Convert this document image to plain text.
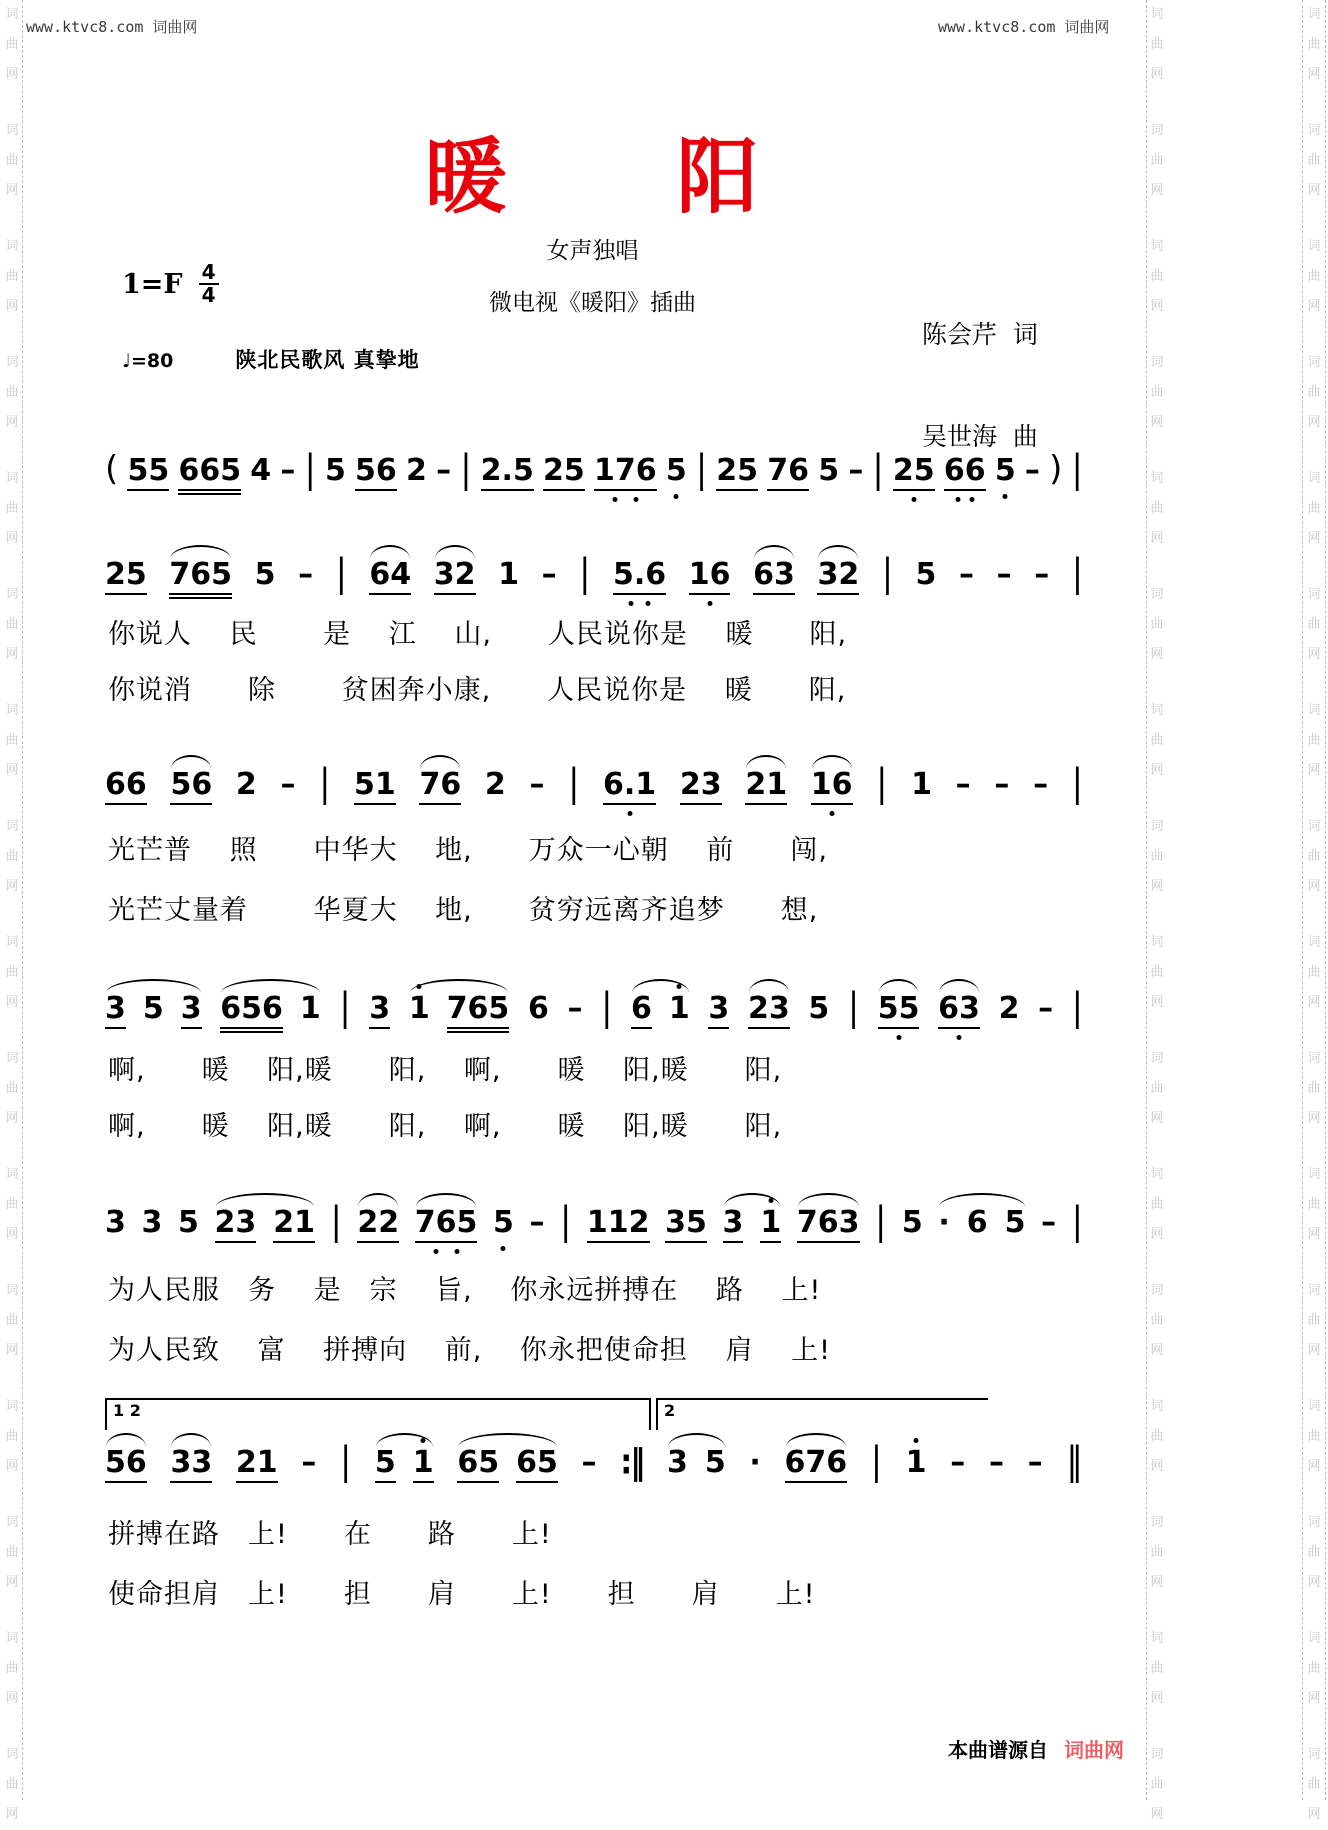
词
曲
网
词
曲
网
词
曲
网
词
曲
网
词
曲
网
词
曲
网
词
曲
网
词
曲
网
词
曲
网
词
曲
网
词
曲
网
词
曲
网
词
曲
网
词
曲
网
词
曲
网
词
曲
网
词
曲
网
词
曲
网
词
曲
网
词
曲
网
词
曲
网
词
曲
网
词
曲
网
词
曲
网
词
曲
网
词
曲
网
词
曲
网
词
曲
网
词
曲
网
词
曲
网
词
曲
网
词
曲
网
词
曲
网
词
曲
网
词
曲
网
词
曲
网
词
曲
网
词
曲
网
词
曲
网
词
曲
网
词
曲
网
词
曲
网
词
曲
网
词
曲
网
词
曲
网
词
曲
网
词
曲
网
词
曲
网
www.ktvc8.com 词曲网	www.ktvc8.com 词曲网
暖　　阳
女声独唱
微电视《暖阳》插曲
$1=F \frac{4}{4}$

陈会芹  词

吴世海  曲

♩=80	陕北民歌风 真挚地
( 55 665 4 – | 5 56 2 – | 2.5 25 176 5 | 25 76 5 – | 25 66 5 – ) |
25 765 5 – | 64 32 1 – | 5.6 16 63 32 | 5 – – – |
66 56 2 – | 51 76 2 – | 6.1 23 21 16 | 1 – – – |
3 5 3 656 1 | 3 1 765 6 – | 6 1 3 23 5 | 55 63 2 – |
3 3 5 23 21 | 22 765 5 – | 112 35 3 1 763 | 5 · 6 5 – |
56 33 21 – | 5 1 65 65 – :‖ 3 5 · 676 | 1 – – – ‖
你说人　 民　　 是　 江　 山,　　人民说你是　 暖　　阳,
你说消　　除　　 贫困奔小康,　　人民说你是　 暖　　阳,
光芒普　 照　　中华大　 地,　　万众一心朝　 前　　闯,
光芒丈量着　　 华夏大　 地,　　贫穷远离齐追梦　　想,
啊,　　暖　 阳,暖　　阳,　 啊,　　暖　 阳,暖　　阳,
啊,　　暖　 阳,暖　　阳,　 啊,　　暖　 阳,暖　　阳,
为人民服　务　 是　宗　 旨,　 你永远拼搏在　 路　 上!
为人民致　 富　 拼搏向　 前,　 你永把使命担　 肩　 上!
拼搏在路　上!　　在　　路　　上!
使命担肩　上!　　担　　肩　　上!　　担　　肩　　上!
1 2	2
本曲谱源自 词曲网
